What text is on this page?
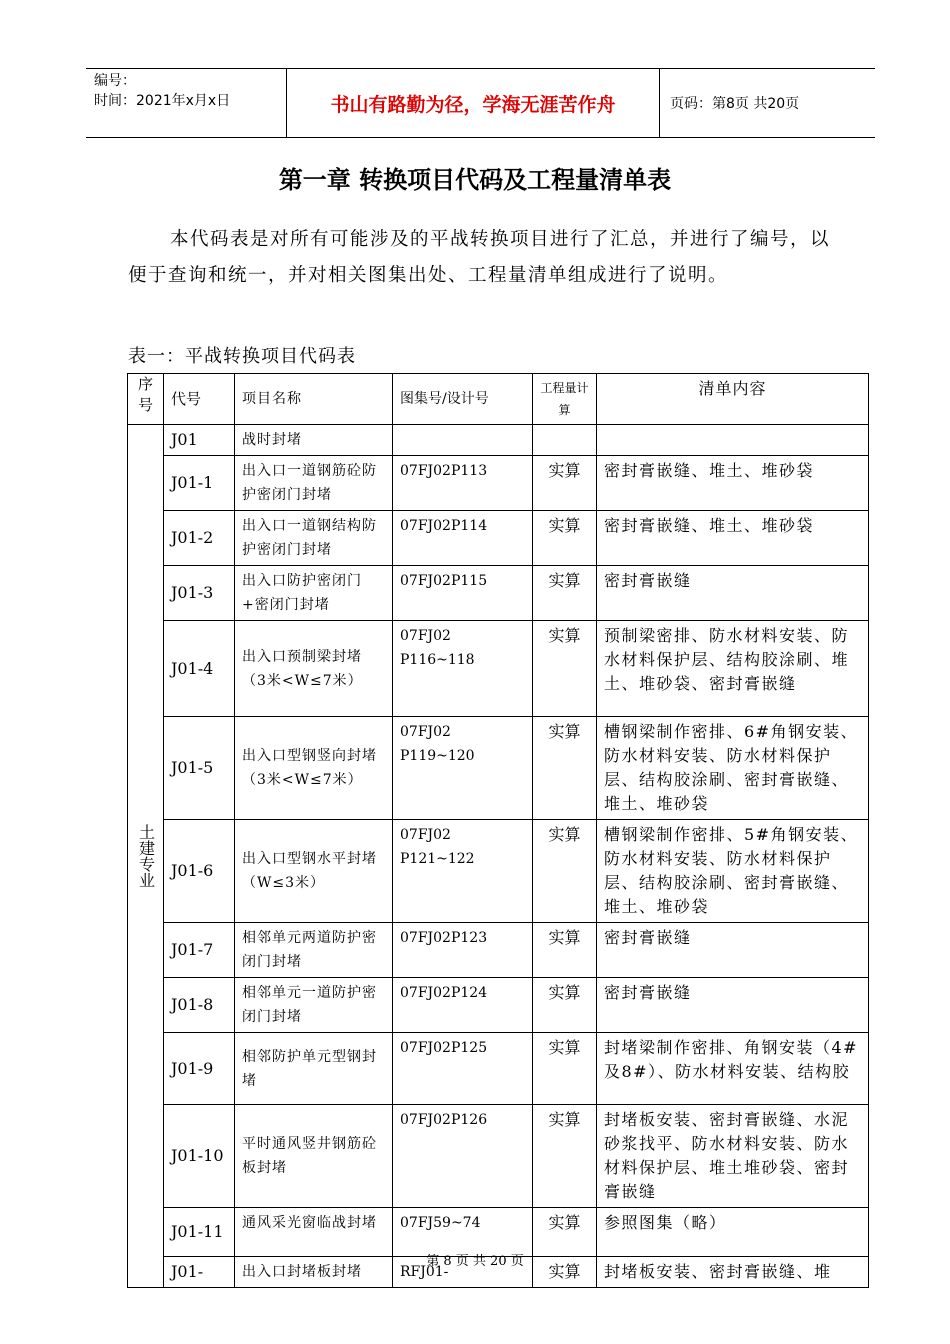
编号：
时间：2021年x月x日	书山有路勤为径，学海无涯苦作舟	页码：第8页 共20页
第一章 转换项目代码及工程量清单表
本代码表是对所有可能涉及的平战转换项目进行了汇总，并进行了编号，以便于查询和统一，并对相关图集出处、工程量清单组成进行了说明。
表一：平战转换项目代码表
序号	代号	项目名称	图集号/设计号	工程量计算	清单内容
土建专业	J01	战时封堵			
	J01-1	出入口一道钢筋砼防护密闭门封堵	07FJ02P113	实算	密封膏嵌缝、堆土、堆砂袋
	J01-2	出入口一道钢结构防护密闭门封堵	07FJ02P114	实算	密封膏嵌缝、堆土、堆砂袋
	J01-3	出入口防护密闭门+密闭门封堵	07FJ02P115	实算	密封膏嵌缝
	J01-4	出入口预制梁封堵（3米<W≤7米）	07FJ02 P116~118	实算	预制梁密排、防水材料安装、防水材料保护层、结构胶涂刷、堆土、堆砂袋、密封膏嵌缝
	J01-5	出入口型钢竖向封堵（3米<W≤7米）	07FJ02 P119~120	实算	槽钢梁制作密排、6#角钢安装、防水材料安装、防水材料保护层、结构胶涂刷、密封膏嵌缝、堆土、堆砂袋
	J01-6	出入口型钢水平封堵（W≤3米）	07FJ02 P121~122	实算	槽钢梁制作密排、5#角钢安装、防水材料安装、防水材料保护层、结构胶涂刷、密封膏嵌缝、堆土、堆砂袋
	J01-7	相邻单元两道防护密闭门封堵	07FJ02P123	实算	密封膏嵌缝
	J01-8	相邻单元一道防护密闭门封堵	07FJ02P124	实算	密封膏嵌缝
	J01-9	相邻防护单元型钢封堵	07FJ02P125	实算	封堵梁制作密排、角钢安装（4#及8#）、防水材料安装、结构胶
	J01-10	平时通风竖井钢筋砼板封堵	07FJ02P126	实算	封堵板安装、密封膏嵌缝、水泥砂浆找平、防水材料安装、防水材料保护层、堆土堆砂袋、密封膏嵌缝
	J01-11	通风采光窗临战封堵	07FJ59~74	实算	参照图集（略）
	J01-	出入口封堵板封堵	RFJ01-	实算	封堵板安装、密封膏嵌缝、堆
第 8 页 共 20 页
